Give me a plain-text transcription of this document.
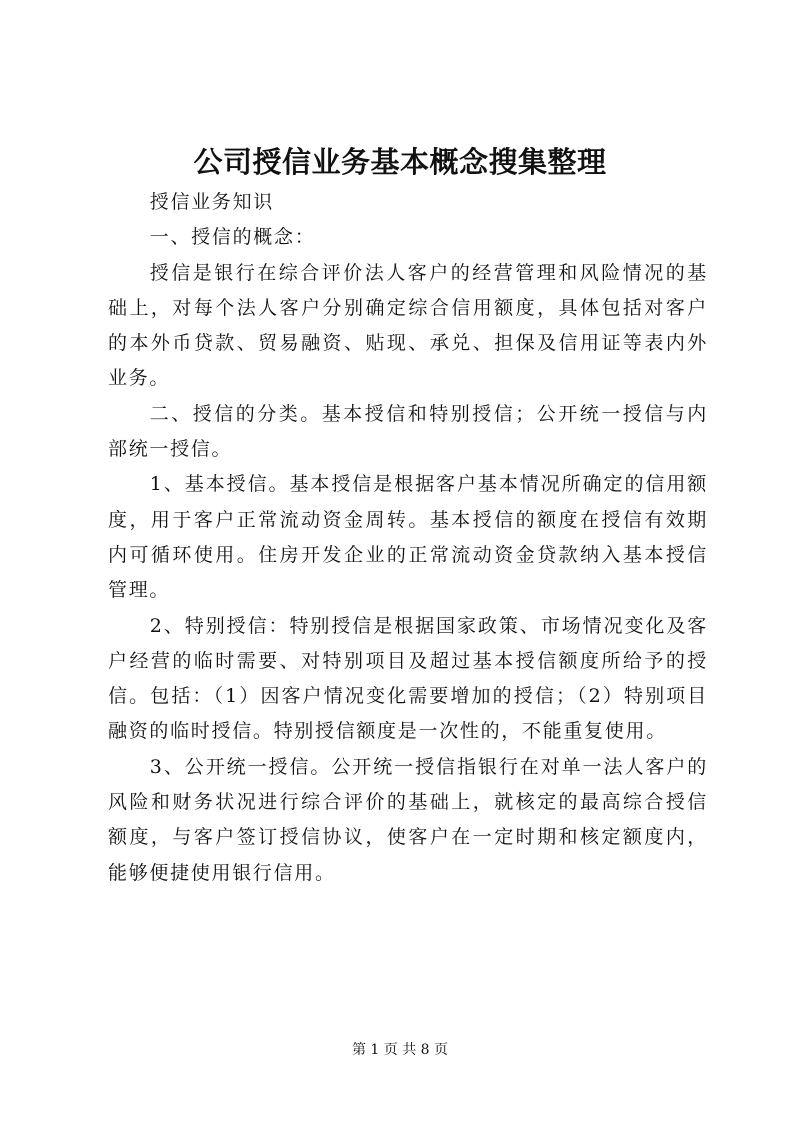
公司授信业务基本概念搜集整理

授信业务知识

一、授信的概念：

授信是银行在综合评价法人客户的经营管理和风险情况的基础上，对每个法人客户分别确定综合信用额度，具体包括对客户的本外币贷款、贸易融资、贴现、承兑、担保及信用证等表内外业务。

二、授信的分类。基本授信和特别授信；公开统一授信与内部统一授信。

1、基本授信。基本授信是根据客户基本情况所确定的信用额度，用于客户正常流动资金周转。基本授信的额度在授信有效期内可循环使用。住房开发企业的正常流动资金贷款纳入基本授信管理。

2、特别授信：特别授信是根据国家政策、市场情况变化及客户经营的临时需要、对特别项目及超过基本授信额度所给予的授信。包括：（1）因客户情况变化需要增加的授信；（2）特别项目融资的临时授信。特别授信额度是一次性的，不能重复使用。

3、公开统一授信。公开统一授信指银行在对单一法人客户的风险和财务状况进行综合评价的基础上，就核定的最高综合授信额度，与客户签订授信协议，使客户在一定时期和核定额度内，能够便捷使用银行信用。

第 1 页 共 8 页
